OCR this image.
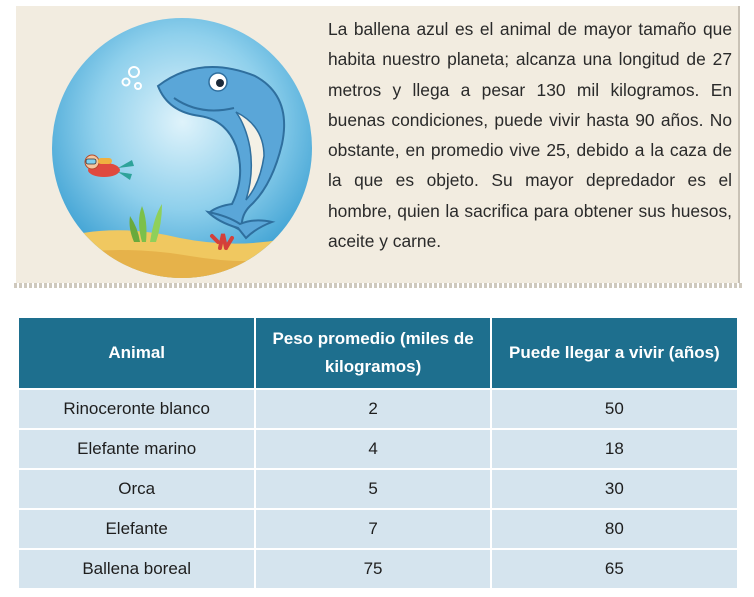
La ballena azul es el animal de mayor tamaño que habita nuestro planeta; alcanza una longitud de 27 metros y llega a pesar 130 mil kilogramos. En buenas condiciones, puede vivir hasta 90 años. No obstante, en promedio vive 25, debido a la caza de la que es objeto. Su mayor depredador es el hombre, quien la sacrifica para obtener sus huesos, aceite y carne.

Animal	Peso promedio (miles de kilogramos)	Puede llegar a vivir (años)
Rinoceronte blanco	2	50
Elefante marino	4	18
Orca	5	30
Elefante	7	80
Ballena boreal	75	65
